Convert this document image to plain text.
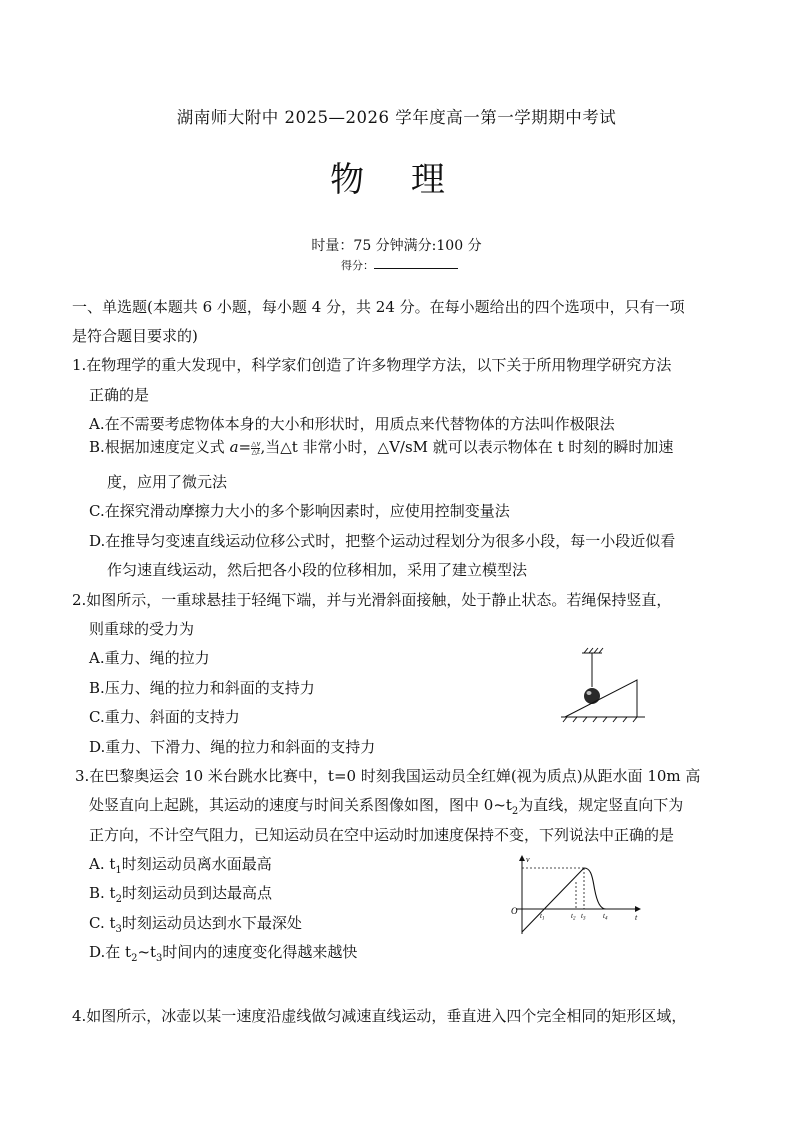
湖南师大附中 2025—2026 学年度高一第一学期期中考试
物 理
时量：75 分钟满分:100 分
得分：
一、单选题(本题共 6 小题，每小题 4 分，共 24 分。在每小题给出的四个选项中，只有一项
是符合题目要求的)
1.在物理学的重大发现中，科学家们创造了许多物理学方法，以下关于所用物理学研究方法
正确的是
A.在不需要考虑物体本身的大小和形状时，用质点来代替物体的方法叫作极限法
B.根据加速度定义式 $a= \frac{\triangle v}{\triangle t}$ ,当△t 非常小时，△V/sM 就可以表示物体在 t 时刻的瞬时加速
度，应用了微元法
C.在探究滑动摩擦力大小的多个影响因素时，应使用控制变量法
D.在推导匀变速直线运动位移公式时，把整个运动过程划分为很多小段，每一小段近似看
作匀速直线运动，然后把各小段的位移相加，采用了建立模型法
2.如图所示，一重球悬挂于轻绳下端，并与光滑斜面接触，处于静止状态。若绳保持竖直，
则重球的受力为
A.重力、绳的拉力
B.压力、绳的拉力和斜面的支持力
C.重力、斜面的支持力
D.重力、下滑力、绳的拉力和斜面的支持力
3.在巴黎奥运会 10 米台跳水比赛中，t=0 时刻我国运动员全红婵(视为质点)从距水面 10m 高
处竖直向上起跳，其运动的速度与时间关系图像如图，图中 $0\sim t_2$为直线，规定竖直向下为
正方向，不计空气阻力，已知运动员在空中运动时加速度保持不变，下列说法中正确的是
A. $t_1$时刻运动员离水面最高
B. $t_2$时刻运动员到达最高点
C. $t_3$时刻运动员达到水下最深处
D.在 $t_2\sim t_3$时间内的速度变化得越来越快
v
t
O	$t_1$	$t_2$ $t_3$	$t_4$
4.如图所示，冰壶以某一速度沿虚线做匀减速直线运动，垂直进入四个完全相同的矩形区域，
